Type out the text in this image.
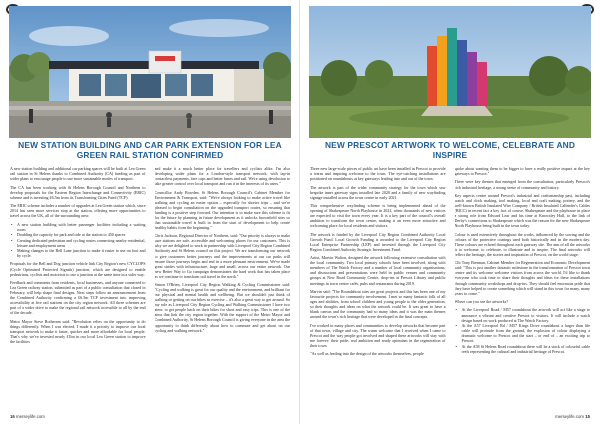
NEW STATION BUILDING AND CAR PARK EXTENSION FOR LEA GREEN RAIL STATION CONFIRMED

A new station building and additional car parking spaces will be built at Lea Green rail station in St Helens thanks to Combined Authority (CA) funding as part of wider plans to encourage people to use more sustainable modes of transport.

The CA has been working with St Helens Borough Council and Northern to develop proposals for the Eastern Region Interchange and Connectivity (ERIC) scheme and is investing £6.5m from its Transforming Cities Fund (TCF).

The ERIC scheme includes a number of upgrades at Lea Green station which, since 2014 has seen more services stop at the station, offering more opportunities to travel across the UK, all of the surrounding area:

• A new station building with better passenger facilities including a waiting room
• Doubling the capacity for park and ride at the station to 450 spaces
• Creating dedicated pedestrian and cycling routes connecting nearby residential, leisure and employment areas
• Making changes to the Bell Lane junction to make it easier to use on foot and by cycle.

Proposals for the Bell and Dog junction vehicle link City Region's new CYCLOPS (Cycle Optimised Protected Signals) junction, which are designed to enable pedestrians, cyclists and motorists to use a junction at the same time in a safer way.

Feedback and comments from residents, local businesses, and anyone connected to Lea Green railway station, submitted as part of a public consultation that closed in February, will help shape final designs. Next steps follow an announcement from the Combined Authority confirming a £6.5m TCF investment into improving accessibility at five rail stations on the city region network. All three schemes are part of a wider drive to make the regional rail network accessible to all by the end of the decade.

Metro Mayor Steve Rotheram said: "Revolution relies on the opportunity to do things differently. When I was elected, I made it a priority to improve our local transport network to make it faster, quicker and more affordable for local people. That's why we've invested nearly £1bn in our local Lea Green station to improve the facilities

and make it a much better place for travellers and cyclists alike. I'm also developing wider plans for a London-style transport network, with tap-in contactless payments, fare caps and better buses and rail. We're using devolution to take greater control over local transport and run it in the interests of its users."

Councillor Andy Bowden, St Helens Borough Council's Cabinet Member for Environment & Transport, said: "We're always looking to make active travel like walking and cycling an easier option – especially for shorter trips – and we're pleased to begin consultation on the upgraded transport routes, so ensuring that funding is a positive step forward. Our intention is to make sure this scheme is fit for the future by planning in future development as it unlocks brownfield sites so that sustainable travel is built in from the start of development to help create healthy habits from the beginning."

Chris Jackson, Regional Director of Northern, said: "Our priority is always to make sure stations are safe, accessible and welcoming places for our customers. This is why we are delighted to work in partnership with Liverpool City Region Combined Authority and St Helens council on this project. We are transforming our network to give customers better journeys and the improvements at our car parks will ensure those journeys begin and end in a more pleasant environment. We've made great strides with infrastructure, large and small, across our entire network. Our new Better Way to Go campaign demonstrates the hard work that has taken place as we continue to transform rail travel in the north."

Simon O'Brien, Liverpool City Region Walking & Cycling Commissioner said: "Cycling and walking is great for our quality and the environment, and brilliant for our physical and mental health and wellbeing. But we shouldn't just think of walking or getting on our bikes as exercise – it's also a great way to get around. So my role as Liverpool City Region Cycling and Walking Commissioner I have two aims: to get people back on their bikes for short and easy trips. This is one of the aims that link the city region together. With the support of the Metro Mayor and Combined Authority, St Helens Borough Council is giving everyone in the area the opportunity to think differently about how to commute and get about on our cycling and walking network."

16 merseylife.com
NEW PRESCOT ARTWORK TO WELCOME, CELEBRATE AND INSPIRE

Three new large-scale pieces of public art have been installed in Prescot to provide a warm and inspiring welcome to the town. The eye-catching installations are positioned on roundabouts at key gateways leading into and out of the town.

The artwork is part of the wider community strategy for the town which saw bespoke inner gateway signs installed late 2020 and a family of new wayfinding signage installed across the town centre in early 2021.

This comprehensive wayfinding scheme is being implemented ahead of the opening of Shakespeare North Playhouse in 2022, when thousands of new visitors are expected to visit the town every year. It is a key part of the council's overall ambition to transform the town centre, making it an even more attractive and welcoming place for local residents and visitors.

The artwork is funded by the Liverpool City Region Combined Authority Local Growth Fund. Local Growth Funding is awarded to the Liverpool City Region Local Enterprise Partnership (LEP) and invested through the Liverpool City Region Combined Authority Strategic Investment Fund.

Artist, Marvin Walton, designed the artwork following extensive consultation with the local community. Two local primary schools have been involved, along with members of The Watch Factory and a number of local community organisations, and discussions and presentations were held in public venues and community groups at New Road Community Centre, drop-ins at Prescot Library and public meetings in town centre cafés, pubs and restaurants during 2019.

Marvin said: "The Roundabout sites are great projects and this has been one of my favourite projects for community involvement. I met so many fantastic folk of all ages and abilities, from school children and young people to the older generation, so their thoughts and ideas on what the artwork could be. It was great to have a blank canvas and the community had so many ideas and it was the main themes around the town's rich heritage that were developed in the final concepts.

I've worked in many places and communities to develop artworks that become part of that town, village and city. The warm welcome that I received when I came to Prescot and the way people got involved and shaped these artworks will stay with me forever: their pride, real ambition and ready optimism in the regeneration of their town.

"As well as feeding into the design of the artworks themselves, people

spoke about wanting them to be bigger to have a really positive impact at the key gateways to Prescot."

There were key themes that emerged from the consultation, particularly Prescot's rich industrial heritage, a strong sense of community and history.

Key aspects centre around Prescot's industrial and craftsmanship past, including watch and clock making, tool making, local and craft making, pottery, and the well-known British Insulated Wire Company / British Insulated Callender's Cables (BICC) in recent fact a key fact of course, Shakespeare and the playhouse in place a strong role from Edward Lear and his time at Knowsley Hall, to the link of Derby's connections to Shakespeare which was the reason for the new Shakespeare North Playhouse being built in the town today.

Colour is used extensively throughout the works, influenced by the sowing and the colours of the protective coatings used both historically and in the modern day. These colours are echoed throughout each gateway site. The aim of all the artworks is to welcome, to celebrate, to illustrate and to inspire. The final artworks will reflect the heritage, the stories and inspiration of Prescot, on the world stage.

Cllr Tony Brennan, Cabinet Member for Regeneration and Economic Development said: "This is just another fantastic milestone in the transformation of Prescot town centre and its welcome welcome visitors from across the world. I'd like to thank everyone who took time to share their thoughts and ideas for these installations through community workshops and drop-ins. They should feel enormous pride that they have helped to create something which will stand in this town for many, many years to come."

Where can you see the artworks?

• At the Liverpool Road / M57 roundabout the artwork will act like a stage to announce a vibrant and creative Prescot to visitors. It will include a watch design based on work produced at The Watch Factory.
• At the A57 Liverpool Rd / M57 Kings Drive roundabout a larger than life cable will protrude from the ground, the explosion of colour displaying a dramatic welcome to Prescot and the start – or end of – an exciting trip to Prescot.
• At the A58 St Helens Road roundabout there will be a stack of colourful cable reels representing the cultural and industrial heritage of Prescot.
merseylife.com 15
